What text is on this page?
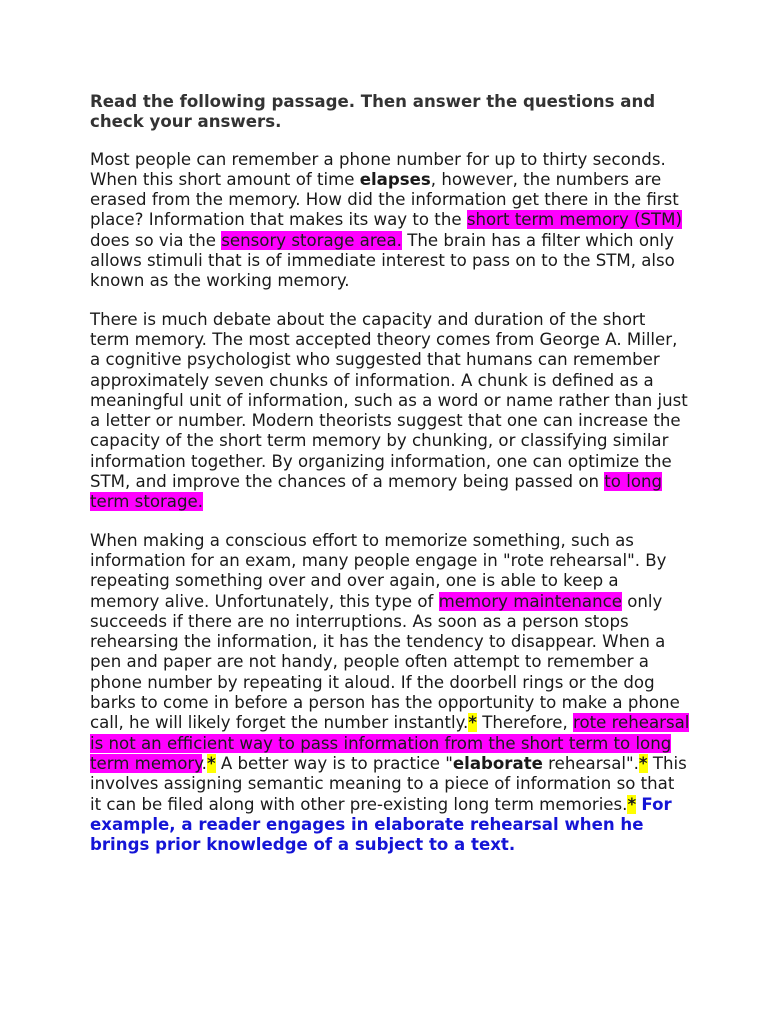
Read the following passage. Then answer the questions and check your answers.

Most people can remember a phone number for up to thirty seconds. When this short amount of time elapses, however, the numbers are erased from the memory. How did the information get there in the first place? Information that makes its way to the short term memory (STM) does so via the sensory storage area. The brain has a filter which only allows stimuli that is of immediate interest to pass on to the STM, also known as the working memory.

There is much debate about the capacity and duration of the short term memory. The most accepted theory comes from George A. Miller, a cognitive psychologist who suggested that humans can remember approximately seven chunks of information. A chunk is defined as a meaningful unit of information, such as a word or name rather than just a letter or number. Modern theorists suggest that one can increase the capacity of the short term memory by chunking, or classifying similar information together. By organizing information, one can optimize the STM, and improve the chances of a memory being passed on to long term storage.

When making a conscious effort to memorize something, such as information for an exam, many people engage in "rote rehearsal". By repeating something over and over again, one is able to keep a memory alive. Unfortunately, this type of memory maintenance only succeeds if there are no interruptions. As soon as a person stops rehearsing the information, it has the tendency to disappear. When a pen and paper are not handy, people often attempt to remember a phone number by repeating it aloud. If the doorbell rings or the dog barks to come in before a person has the opportunity to make a phone call, he will likely forget the number instantly.* Therefore, rote rehearsal is not an efficient way to pass information from the short term to long term memory.* A better way is to practice "elaborate rehearsal".* This involves assigning semantic meaning to a piece of information so that it can be filed along with other pre-existing long term memories.* For example, a reader engages in elaborate rehearsal when he brings prior knowledge of a subject to a text.
